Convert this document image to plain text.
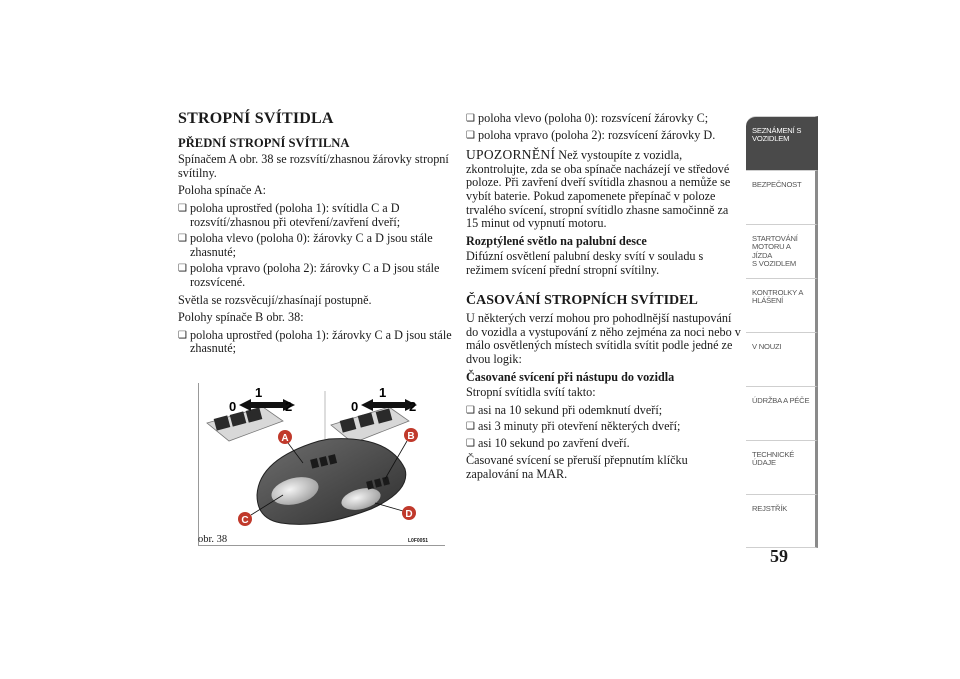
STROPNÍ SVÍTIDLA
PŘEDNÍ STROPNÍ SVÍTILNA

Spínačem A obr. 38 se rozsvítí/zhasnou žárovky stropní svítilny.

Poloha spínače A:

❑ poloha uprostřed (poloha 1): svítidla C a D rozsvítí/zhasnou při otevření/zavření dveří;
❑ poloha vlevo (poloha 0): žárovky C a D jsou stále zhasnuté;
❑ poloha vpravo (poloha 2): žárovky C a D jsou stále rozsvícené.

Světla se rozsvěcují/zhasínají postupně.

Polohy spínače B obr. 38:

❑ poloha uprostřed (poloha 1): žárovky C a D jsou stále zhasnuté;
0
1
2	0
1
2
A	B
C
D
obr. 38	L0F0051
❑ poloha vlevo (poloha 0): rozsvícení žárovky C;
❑ poloha vpravo (poloha 2): rozsvícení žárovky D.

UPOZORNĚNÍ Než vystoupíte z vozidla, zkontrolujte, zda se oba spínače nacházejí ve středové poloze. Při zavření dveří svítidla zhasnou a nemůže se vybít baterie. Pokud zapomenete přepínač v poloze trvalého svícení, stropní svítidlo zhasne samočinně za 15 minut od vypnutí motoru.

Rozptýlené světlo na palubní desce

Difúzní osvětlení palubní desky svítí v souladu s režimem svícení přední stropní svítilny.

ČASOVÁNÍ STROPNÍCH SVÍTIDEL

U některých verzí mohou pro pohodlnější nastupování do vozidla a vystupování z něho zejména za noci nebo v málo osvětlených místech svítidla svítit podle jedné ze dvou logik:

Časované svícení při nástupu do vozidla

Stropní svítidla svítí takto:

❑ asi na 10 sekund při odemknutí dveří;
❑ asi 3 minuty při otevření některých dveří;
❑ asi 10 sekund po zavření dveří.

Časované svícení se přeruší přepnutím klíčku zapalování na MAR.

SEZNÁMENÍ S
VOZIDLEM
BEZPEČNOST
STARTOVÁNÍ
MOTORU A JÍZDA
S VOZIDLEM
KONTROLKY A
HLÁŠENÍ
V NOUZI
ÚDRŽBA A PÉČE
TECHNICKÉ
ÚDAJE
REJSTŘÍK
59
